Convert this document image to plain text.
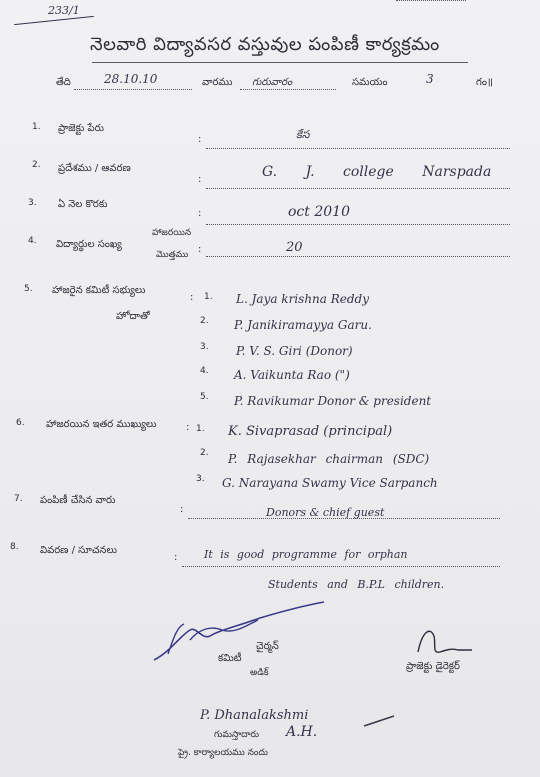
233/1
నెలవారి విద్యావసర వస్తువుల పంపిణీ కార్యక్రమం
తేది	28.10.10	వారము గురువారం	సమయం	3	గం॥
1. ప్రాజెక్టు పేరు
:	కేస
2. ప్రదేశము / ఆవరణ
:	G. J. college Narspada
3. ఏ నెల కొరకు
:	oct 2010
4. విద్యార్థుల సంఖ్య
హాజరయిన
మొత్తము :	20
5. హాజరైన కమిటీ సభ్యులు
హోదాతో
: 1. L. Jaya krishna Reddy
2. P. Janikiramayya Garu.
3. P. V. S. Giri (Donor)
4. A. Vaikunta Rao (")
5. P. Ravikumar Donor & president
6. హాజరయిన ఇతర ముఖ్యులు	: 1. K. Sivaprasad (principal)
2. P. Rajasekhar chairman (SDC)
3. G. Narayana Swamy Vice Sarpanch
7. పంపిణీ చేసిన వారు
:	Donors & chief guest
8. వివరణ / సూచనలు
: It is good programme for orphan
Students and B.P.L children.
చైర్మన్
కమిటీ
అడిక్
ప్రాజెక్టు డైరెక్టర్
P. Dhanalakshmi
A.H.
గుమస్తాదారు
ప్రై. కార్యాలయము నందు
